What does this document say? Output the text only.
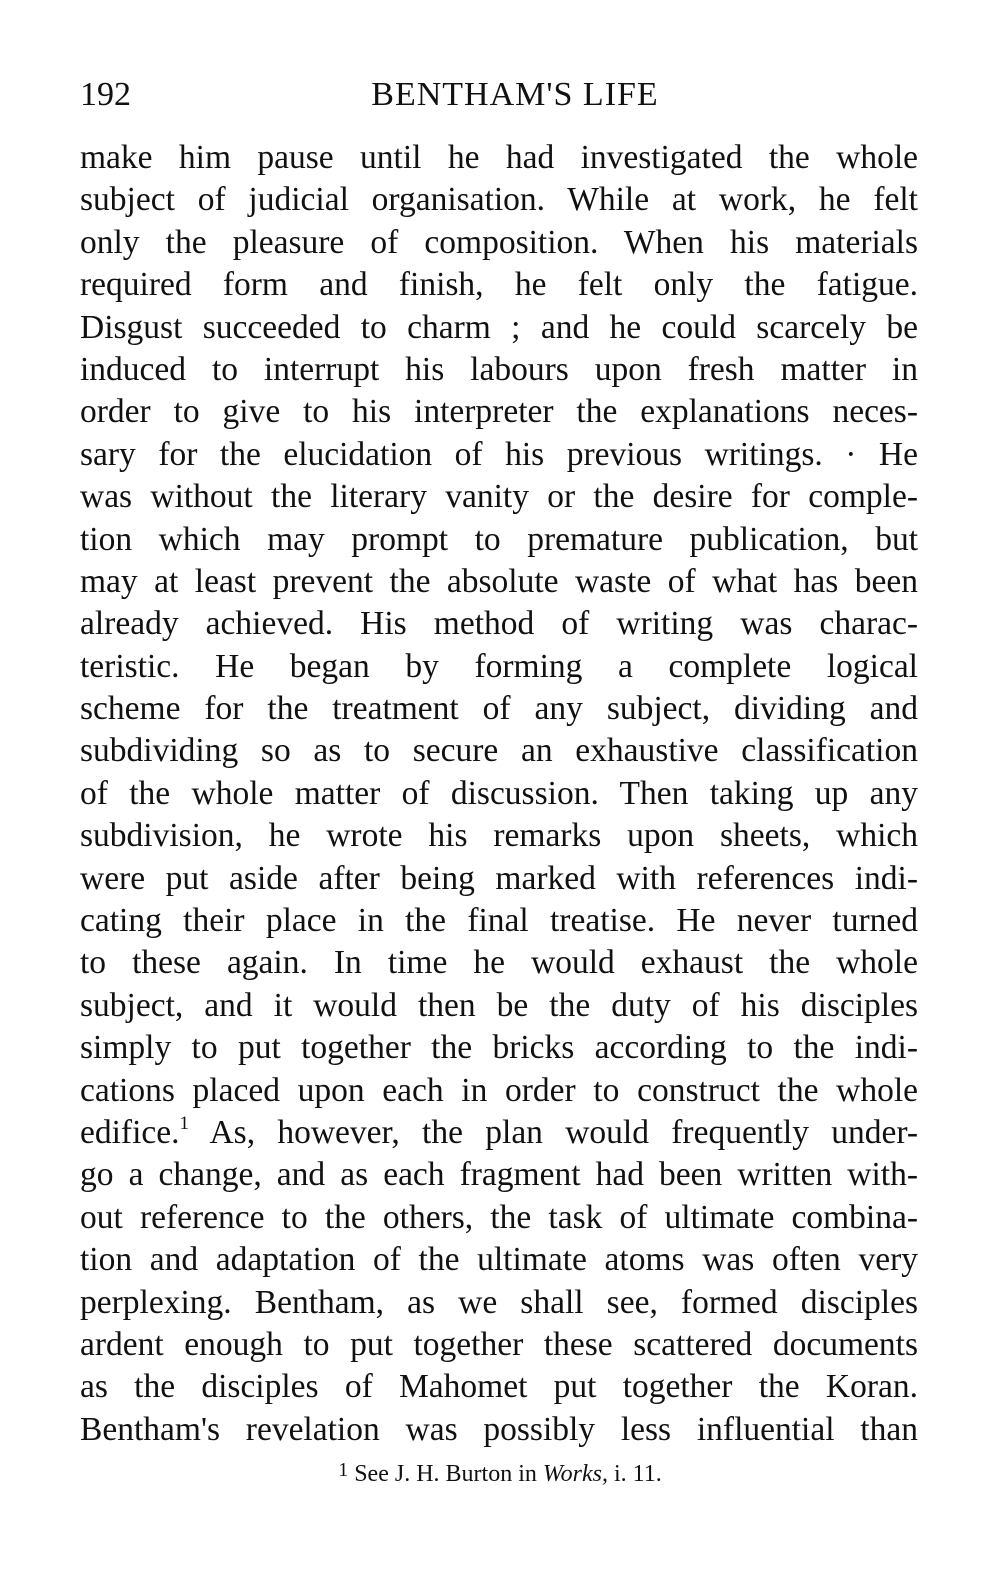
192	BENTHAM'S LIFE
make him pause until he had investigated the whole
subject of judicial organisation. While at work, he felt
only the pleasure of composition. When his materials
required form and finish, he felt only the fatigue.
Disgust succeeded to charm ; and he could scarcely be
induced to interrupt his labours upon fresh matter in
order to give to his interpreter the explanations neces-
sary for the elucidation of his previous writings. · He
was without the literary vanity or the desire for comple-
tion which may prompt to premature publication, but
may at least prevent the absolute waste of what has been
already achieved. His method of writing was charac-
teristic. He began by forming a complete logical
scheme for the treatment of any subject, dividing and
subdividing so as to secure an exhaustive classification
of the whole matter of discussion. Then taking up any
subdivision, he wrote his remarks upon sheets, which
were put aside after being marked with references indi-
cating their place in the final treatise. He never turned
to these again. In time he would exhaust the whole
subject, and it would then be the duty of his disciples
simply to put together the bricks according to the indi-
cations placed upon each in order to construct the whole
edifice.$^1$ As, however, the plan would frequently under-
go a change, and as each fragment had been written with-
out reference to the others, the task of ultimate combina-
tion and adaptation of the ultimate atoms was often very
perplexing. Bentham, as we shall see, formed disciples
ardent enough to put together these scattered documents
as the disciples of Mahomet put together the Koran.
Bentham's revelation was possibly less influential than
$^1$ See J. H. Burton in Works, i. 11.
